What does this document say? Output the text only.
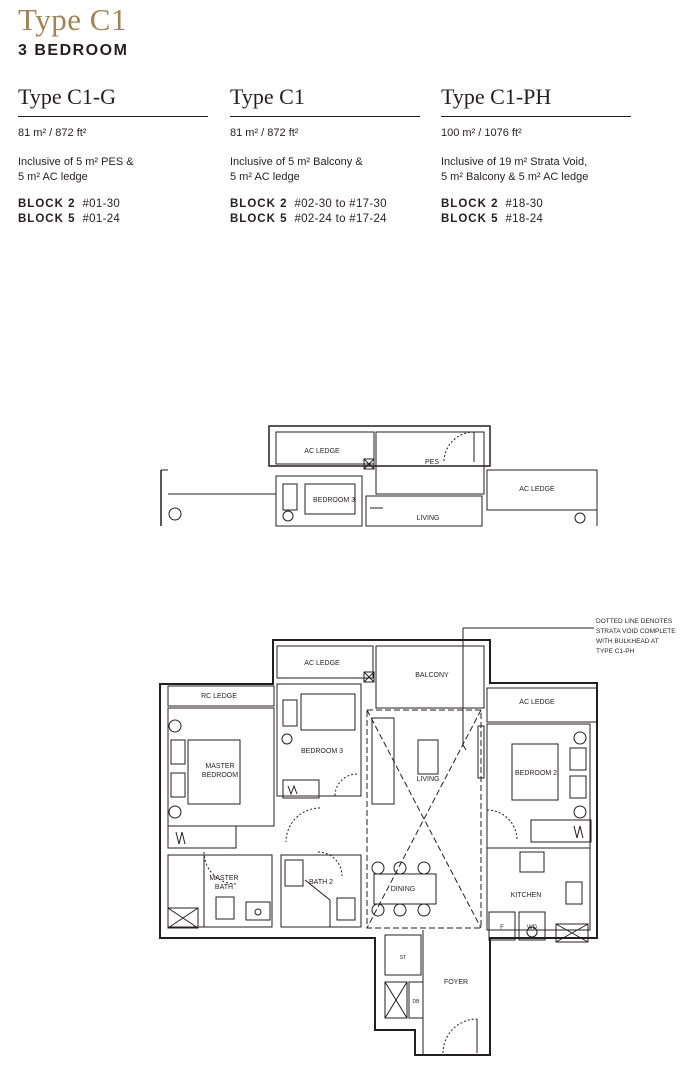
Type C1
3 BEDROOM
Type C1-G
81 m² / 872 ft²
Inclusive of 5 m² PES &
5 m² AC ledge
BLOCK 2 #01-30
BLOCK 5 #01-24
Type C1
81 m² / 872 ft²
Inclusive of 5 m² Balcony &
5 m² AC ledge
BLOCK 2 #02-30 to #17-30
BLOCK 5 #02-24 to #17-24
Type C1-PH
100 m² / 1076 ft²
Inclusive of 19 m² Strata Void,
5 m² Balcony & 5 m² AC ledge
BLOCK 2 #18-30
BLOCK 5 #18-24
AC LEDGE
PES
BEDROOM 3
LIVING
AC LEDGE
AC LEDGE
BALCONY
RC LEDGE
AC LEDGE
MASTER
BEDROOM
BEDROOM 3
LIVING
BEDROOM 2
MASTER
BATH
BATH 2
DINING
KITCHEN
F	WD
ST
DB
FOYER
DOTTED LINE DENOTES
STRATA VOID COMPLETE
WITH BULKHEAD AT
TYPE C1-PH
